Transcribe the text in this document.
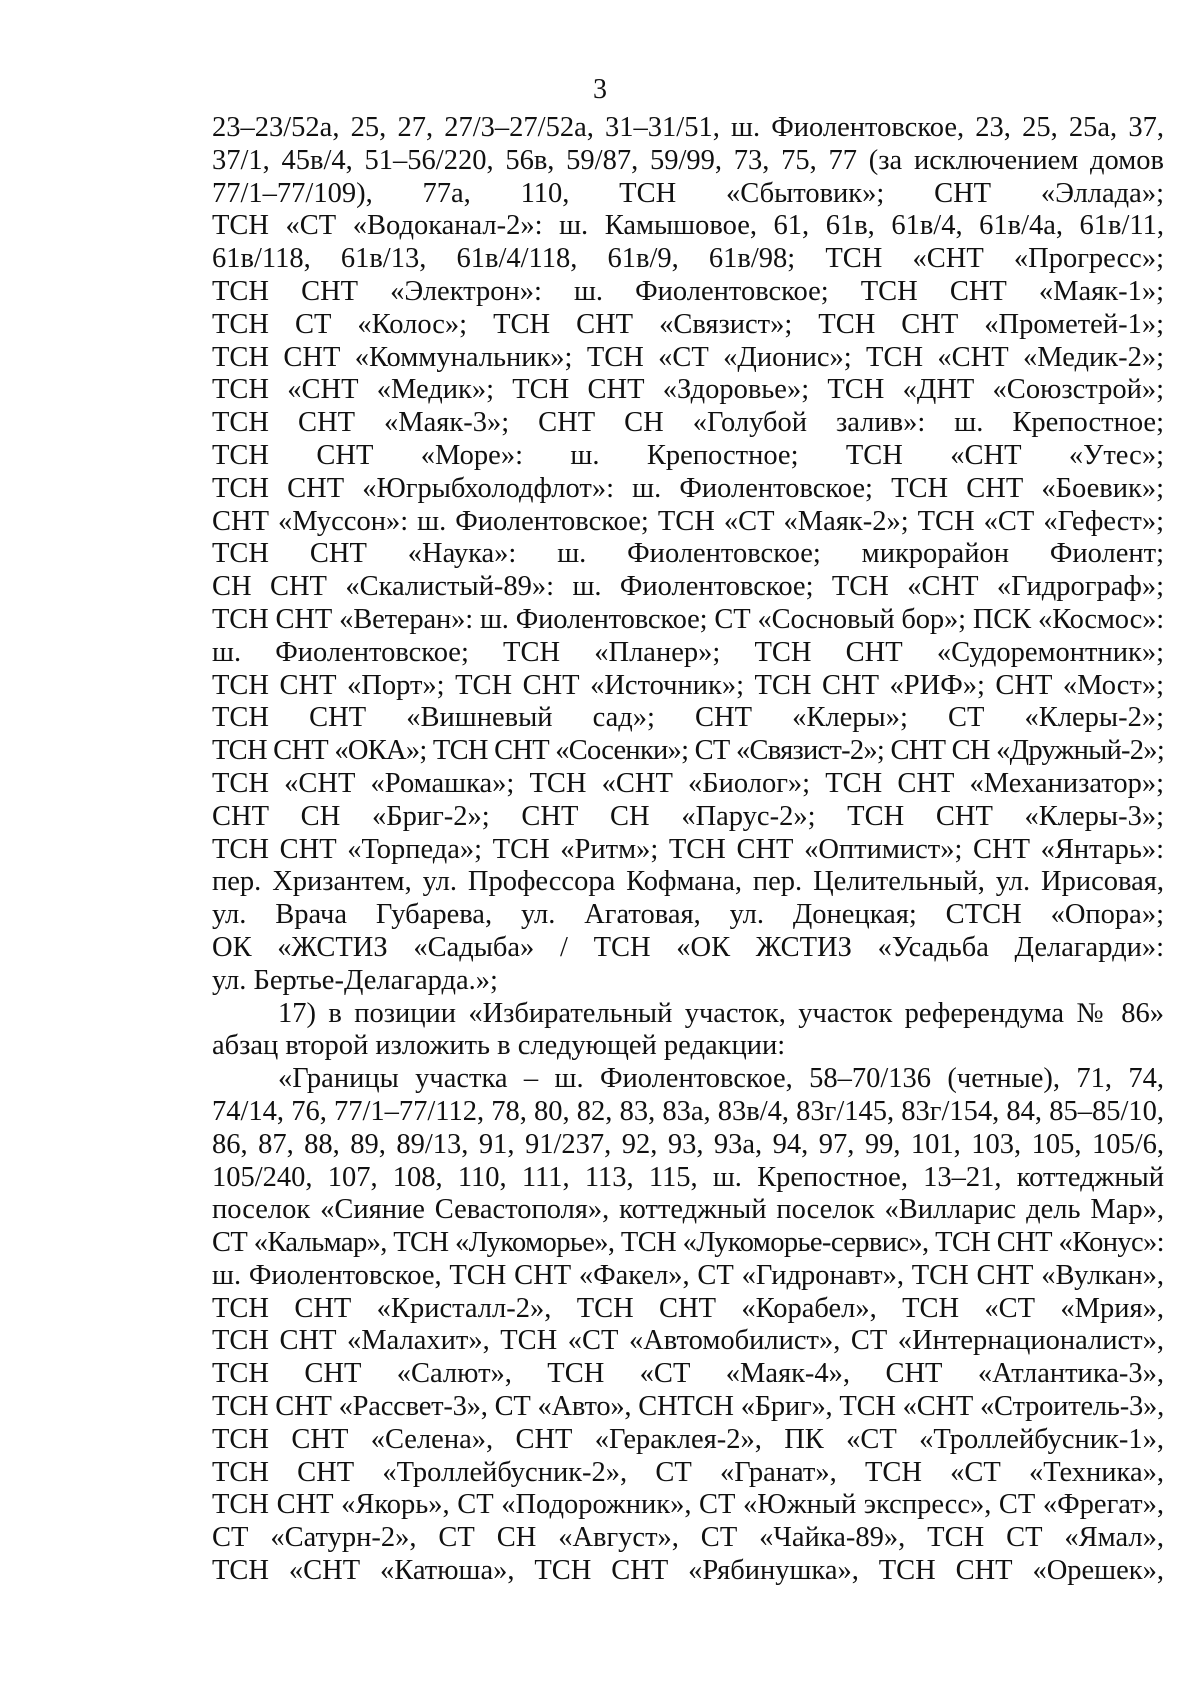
3
23–23/52а, 25, 27, 27/3–27/52а, 31–31/51, ш. Фиолентовское, 23, 25, 25а, 37,
37/1, 45в/4, 51–56/220, 56в, 59/87, 59/99, 73, 75, 77 (за исключением домов
77/1–77/109), 77а, 110, ТСН «Сбытовик»; СНТ «Эллада»;
ТСН «СТ «Водоканал-2»: ш. Камышовое, 61, 61в, 61в/4, 61в/4а, 61в/11,
61в/118, 61в/13, 61в/4/118, 61в/9, 61в/98; ТСН «СНТ «Прогресс»;
ТСН СНТ «Электрон»: ш. Фиолентовское; ТСН СНТ «Маяк-1»;
ТСН СТ «Колос»; ТСН СНТ «Связист»; ТСН СНТ «Прометей-1»;
ТСН СНТ «Коммунальник»; ТСН «СТ «Дионис»; ТСН «СНТ «Медик-2»;
ТСН «СНТ «Медик»; ТСН СНТ «Здоровье»; ТСН «ДНТ «Союзстрой»;
ТСН СНТ «Маяк-3»; СНТ СН «Голубой залив»: ш. Крепостное;
ТСН СНТ «Море»: ш. Крепостное; ТСН «СНТ «Утес»;
ТСН СНТ «Югрыбхолодфлот»: ш. Фиолентовское; ТСН СНТ «Боевик»;
СНТ «Муссон»: ш. Фиолентовское; ТСН «СТ «Маяк-2»; ТСН «СТ «Гефест»;
ТСН СНТ «Наука»: ш. Фиолентовское; микрорайон Фиолент;
СН СНТ «Скалистый-89»: ш. Фиолентовское; ТСН «СНТ «Гидрограф»;
ТСН СНТ «Ветеран»: ш. Фиолентовское; СТ «Сосновый бор»; ПСК «Космос»:
ш. Фиолентовское; ТСН «Планер»; ТСН СНТ «Судоремонтник»;
ТСН СНТ «Порт»; ТСН СНТ «Источник»; ТСН СНТ «РИФ»; СНТ «Мост»;
ТСН СНТ «Вишневый сад»; СНТ «Клеры»; СТ «Клеры-2»;
ТСН СНТ «ОКА»; ТСН СНТ «Сосенки»; СТ «Связист-2»; СНТ СН «Дружный-2»;
ТСН «СНТ «Ромашка»; ТСН «СНТ «Биолог»; ТСН СНТ «Механизатор»;
СНТ СН «Бриг-2»; СНТ СН «Парус-2»; ТСН СНТ «Клеры-3»;
ТСН СНТ «Торпеда»; ТСН «Ритм»; ТСН СНТ «Оптимист»; СНТ «Янтарь»:
пер. Хризантем, ул. Профессора Кофмана, пер. Целительный, ул. Ирисовая,
ул. Врача Губарева, ул. Агатовая, ул. Донецкая; СТСН «Опора»;
ОК «ЖСТИЗ «Садыба» / ТСН «ОК ЖСТИЗ «Усадьба Делагарди»:
ул. Бертье-Делагарда.»;
17) в позиции «Избирательный участок, участок референдума № 86»
абзац второй изложить в следующей редакции:
«Границы участка – ш. Фиолентовское, 58–70/136 (четные), 71, 74,
74/14, 76, 77/1–77/112, 78, 80, 82, 83, 83а, 83в/4, 83г/145, 83г/154, 84, 85–85/10,
86, 87, 88, 89, 89/13, 91, 91/237, 92, 93, 93а, 94, 97, 99, 101, 103, 105, 105/6,
105/240, 107, 108, 110, 111, 113, 115, ш. Крепостное, 13–21, коттеджный
поселок «Сияние Севастополя», коттеджный поселок «Вилларис дель Мар»,
СТ «Кальмар», ТСН «Лукоморье», ТСН «Лукоморье-сервис», ТСН СНТ «Конус»:
ш. Фиолентовское, ТСН СНТ «Факел», СТ «Гидронавт», ТСН СНТ «Вулкан»,
ТСН СНТ «Кристалл-2», ТСН СНТ «Корабел», ТСН «СТ «Мрия»,
ТСН СНТ «Малахит», ТСН «СТ «Автомобилист», СТ «Интернационалист»,
ТСН СНТ «Салют», ТСН «СТ «Маяк-4», СНТ «Атлантика-3»,
ТСН СНТ «Рассвет-3», СТ «Авто», СНТСН «Бриг», ТСН «СНТ «Строитель-3»,
ТСН СНТ «Селена», СНТ «Гераклея-2», ПК «СТ «Троллейбусник-1»,
ТСН СНТ «Троллейбусник-2», СТ «Гранат», ТСН «СТ «Техника»,
ТСН СНТ «Якорь», СТ «Подорожник», СТ «Южный экспресс», СТ «Фрегат»,
СТ «Сатурн-2», СТ СН «Август», СТ «Чайка-89», ТСН СТ «Ямал»,
ТСН «СНТ «Катюша», ТСН СНТ «Рябинушка», ТСН СНТ «Орешек»,
